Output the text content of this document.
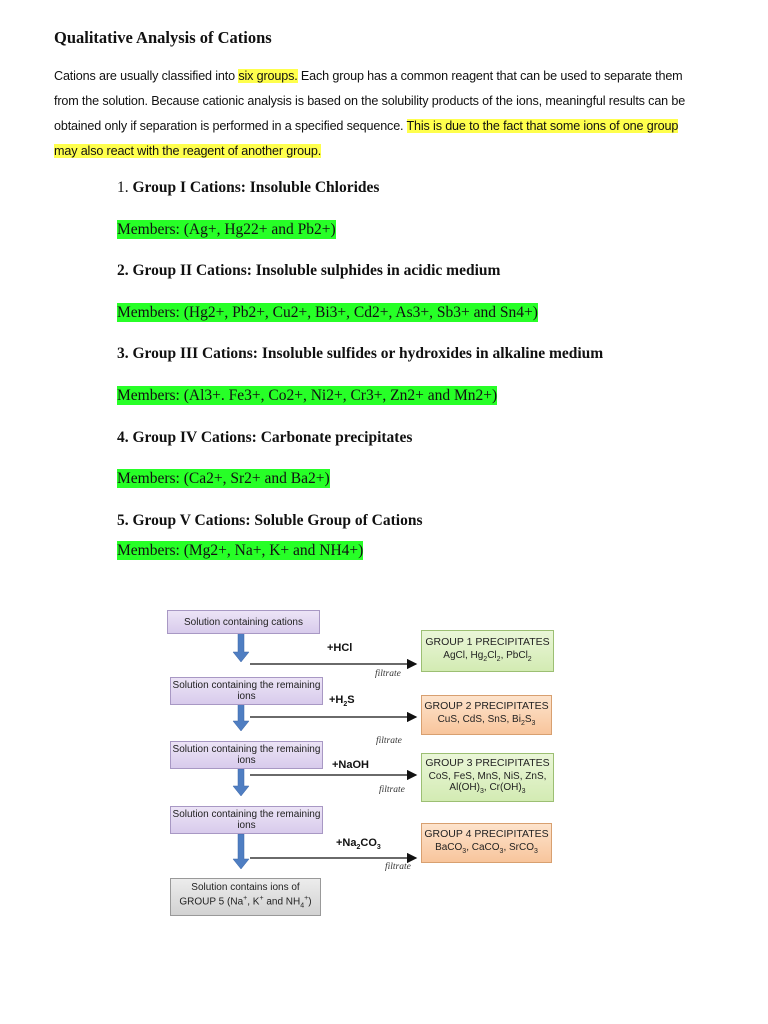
Qualitative Analysis of Cations

Cations are usually classified into six groups. Each group has a common reagent that can be used to separate them from the solution. Because cationic analysis is based on the solubility products of the ions, meaningful results can be obtained only if separation is performed in a specified sequence. This is due to the fact that some ions of one group may also react with the reagent of another group.

1. Group I Cations: Insoluble Chlorides

Members: (Ag+, Hg22+ and Pb2+)

2. Group II Cations: Insoluble sulphides in acidic medium

Members: (Hg2+, Pb2+, Cu2+, Bi3+, Cd2+, As3+, Sb3+ and Sn4+)

3. Group III Cations: Insoluble sulfides or hydroxides in alkaline medium

Members: (Al3+. Fe3+, Co2+, Ni2+, Cr3+, Zn2+ and Mn2+)

4. Group IV Cations: Carbonate precipitates

Members: (Ca2+, Sr2+ and Ba2+)

5. Group V Cations: Soluble Group of Cations

Members: (Mg2+, Na+, K+ and NH4+)

Solution containing cations
Solution containing the remaining ions
Solution containing the remaining ions
Solution containing the remaining ions
Solution contains ions of
GROUP 5 (Na+, K+ and $NH_4^+$)
+HCl
$+H_2S$
+NaOH
$+Na_2CO_3$
filtrate
filtrate
filtrate
filtrate
GROUP 1 PRECIPITATES
AgCl, $Hg_2Cl_2$, PbCl$_2$
GROUP 2 PRECIPITATES
CuS, CdS, SnS, $Bi_2S_3$
GROUP 3 PRECIPITATES
CoS, FeS, MnS, NiS, ZnS,
$Al(OH)_3$, $Cr(OH)_3$
GROUP 4 PRECIPITATES
BaCO$_3$, CaCO$_3$, SrCO$_3$
